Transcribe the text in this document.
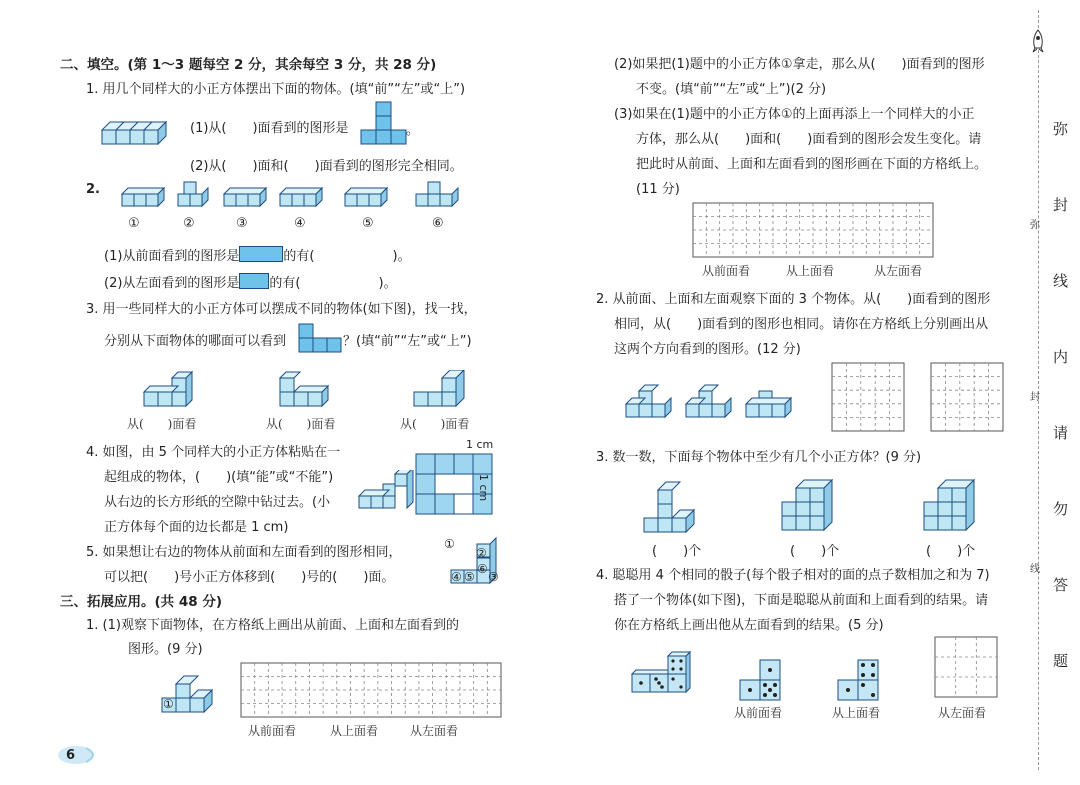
二、填空。(第 1～3 题每空 2 分，其余每空 3 分，共 28 分)
1. 用几个同样大的小正方体摆出下面的物体。(填“前”“左”或“上”)
(1)从(　　)面看到的图形是	。
(2)从(　　)面和(　　)面看到的图形完全相同。
2.
①	②	③	④	⑤	⑥
(1)从前面看到的图形是	的有(　　　　　　)。
(2)从左面看到的图形是 的有(　　　　　　)。
3. 用一些同样大的小正方体可以摆成不同的物体(如下图)，找一找，
分别从下面物体的哪面可以看到	？(填“前”“左”或“上”)
从(　　)面看	从(　　)面看	从(　　)面看
4. 如图，由 5 个同样大的小正方体粘贴在一
起组成的物体，(　　)(填“能”或“不能”)
从右边的长方形纸的空隙中钻过去。(小
正方体每个面的边长都是 1 cm)
1 cm
1 cm
5. 如果想让右边的物体从前面和左面看到的图形相同，
可以把(　　)号小正方体移到(　　)号的(　　)面。
①
②
④ ⑤
⑥
③
三、拓展应用。(共 48 分)
1. (1)观察下面物体，在方格纸上画出从前面、上面和左面看到的
图形。(9 分)
①
从前面看	从上面看	从左面看
6
(2)如果把(1)题中的小正方体①拿走，那么从(　　)面看到的图形
不变。(填“前”“左”或“上”)(2 分)
(3)如果在(1)题中的小正方体①的上面再添上一个同样大的小正
方体，那么从(　　)面和(　　)面看到的图形会发生变化。请
把此时从前面、上面和左面看到的图形画在下面的方格纸上。
(11 分)
从前面看	从上面看	从左面看
2. 从前面、上面和左面观察下面的 3 个物体。从(　　)面看到的图形
相同，从(　　)面看到的图形也相同。请你在方格纸上分别画出从
这两个方向看到的图形。(12 分)
3. 数一数，下面每个物体中至少有几个小正方体？(9 分)
(　　)个	(　　)个	(　　)个
4. 聪聪用 4 个相同的骰子(每个骰子相对的面的点子数相加之和为 7)
搭了一个物体(如下图)，下面是聪聪从前面和上面看到的结果。请
你在方格纸上画出他从左面看到的结果。(5 分)
从前面看	从上面看	从左面看
弥
封
线
内
请
勿
答
题
弥
封
线
